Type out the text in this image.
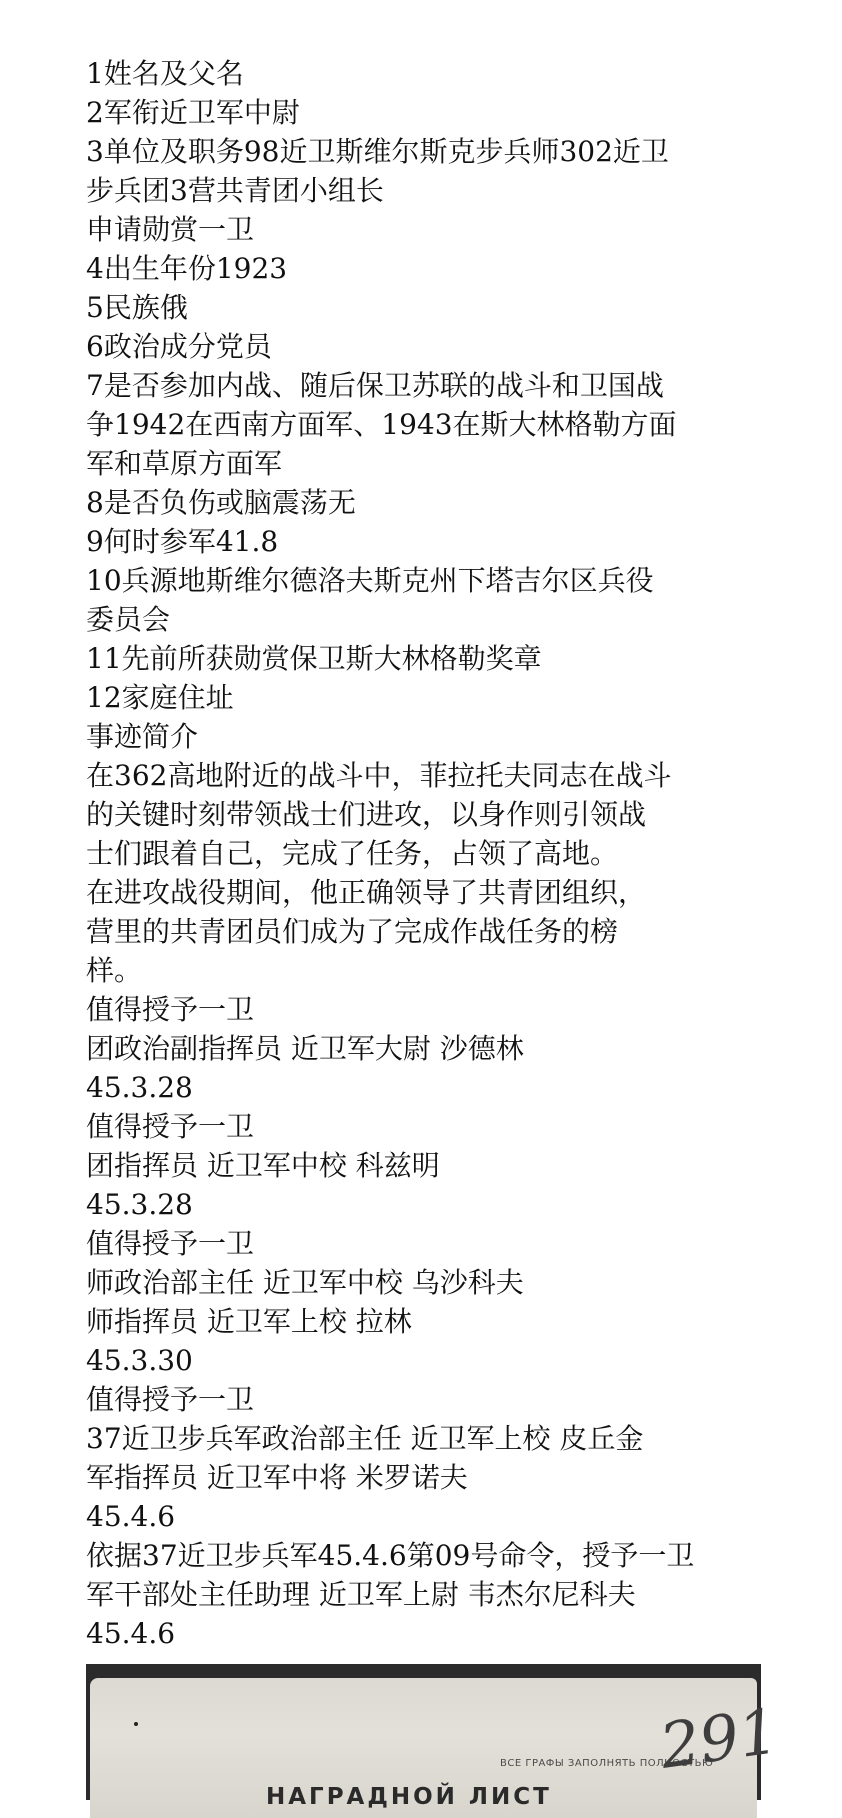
1姓名及父名
2军衔近卫军中尉
3单位及职务98近卫斯维尔斯克步兵师302近卫
步兵团3营共青团小组长
申请勋赏一卫
4出生年份1923
5民族俄
6政治成分党员
7是否参加内战、随后保卫苏联的战斗和卫国战
争1942在西南方面军、1943在斯大林格勒方面
军和草原方面军
8是否负伤或脑震荡无
9何时参军41.8
10兵源地斯维尔德洛夫斯克州下塔吉尔区兵役
委员会
11先前所获勋赏保卫斯大林格勒奖章
12家庭住址
事迹简介
在362高地附近的战斗中，菲拉托夫同志在战斗
的关键时刻带领战士们进攻，以身作则引领战
士们跟着自己，完成了任务，占领了高地。
在进攻战役期间，他正确领导了共青团组织，
营里的共青团员们成为了完成作战任务的榜
样。
值得授予一卫
团政治副指挥员 近卫军大尉 沙德林
45.3.28
值得授予一卫
团指挥员 近卫军中校 科兹明
45.3.28
值得授予一卫
师政治部主任 近卫军中校 乌沙科夫
师指挥员 近卫军上校 拉林
45.3.30
值得授予一卫
37近卫步兵军政治部主任 近卫军上校 皮丘金
军指挥员 近卫军中将 米罗诺夫
45.4.6
依据37近卫步兵军45.4.6第09号命令，授予一卫
军干部处主任助理 近卫军上尉 韦杰尔尼科夫
45.4.6
ВСЕ ГРАФЫ ЗАПОЛНЯТЬ ПОЛНОСТЬЮ
291
НАГРАДНОЙ ЛИСТ
